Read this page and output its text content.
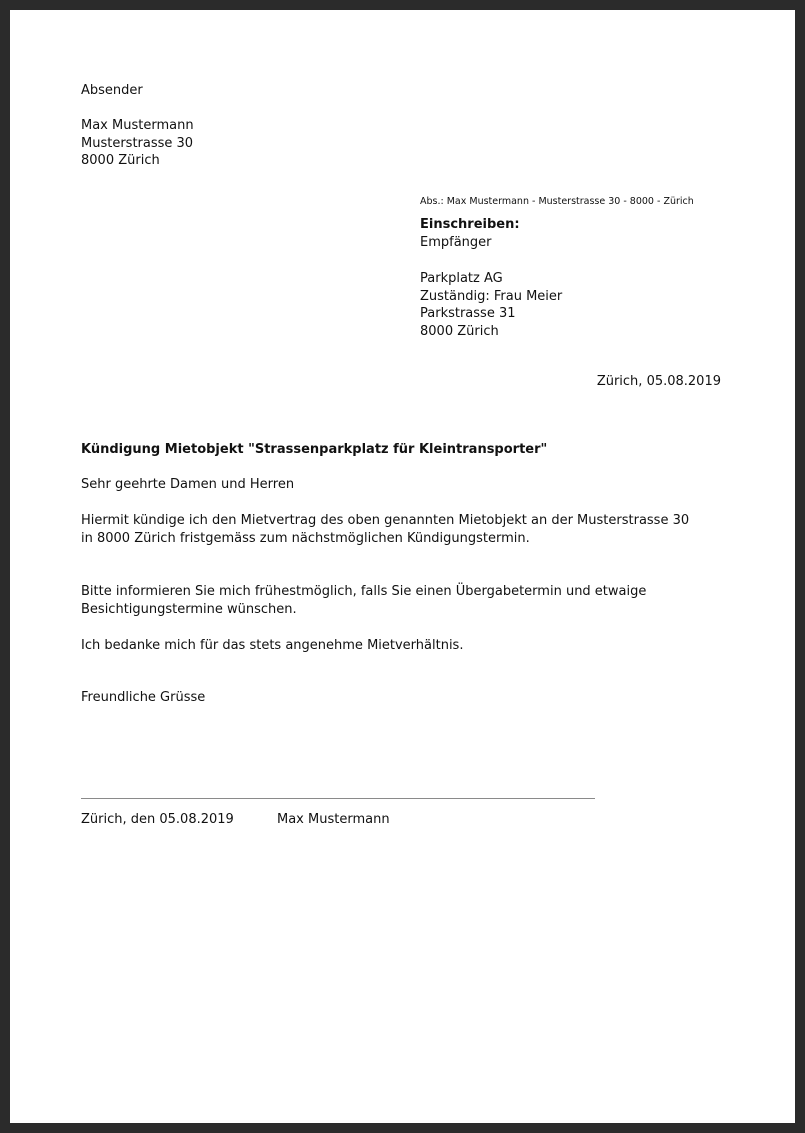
Absender
Max Mustermann
Musterstrasse 30
8000 Zürich
Abs.: Max Mustermann - Musterstrasse 30 - 8000 - Zürich
Einschreiben:
Empfänger
Parkplatz AG
Zuständig: Frau Meier
Parkstrasse 31
8000 Zürich
Zürich, 05.08.2019
Kündigung Mietobjekt "Strassenparkplatz für Kleintransporter"
Sehr geehrte Damen und Herren
Hiermit kündige ich den Mietvertrag des oben genannten Mietobjekt an der Musterstrasse 30 in 8000 Zürich fristgemäss zum nächstmöglichen Kündigungstermin.
Bitte informieren Sie mich frühestmöglich, falls Sie einen Übergabetermin und etwaige Besichtigungstermine wünschen.
Ich bedanke mich für das stets angenehme Mietverhältnis.
Freundliche Grüsse
Zürich, den 05.08.2019	Max Mustermann
